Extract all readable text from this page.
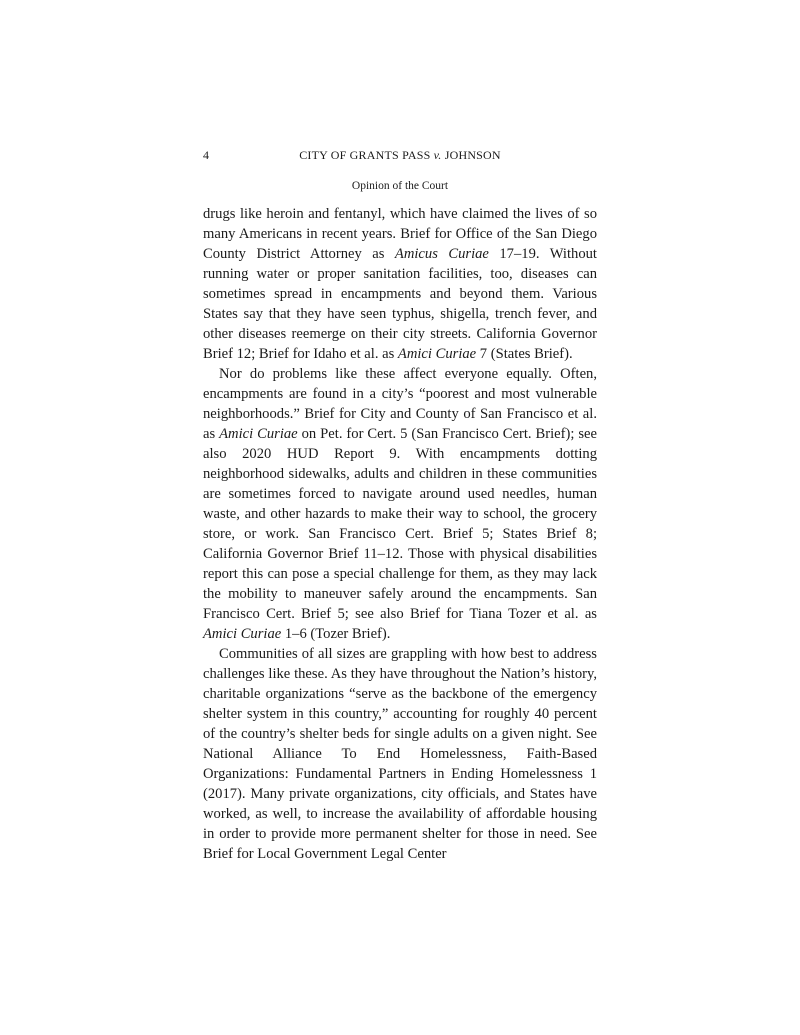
4	CITY OF GRANTS PASS v. JOHNSON
Opinion of the Court

drugs like heroin and fentanyl, which have claimed the lives of so many Americans in recent years. Brief for Office of the San Diego County District Attorney as Amicus Curiae 17–19. Without running water or proper sanitation facilities, too, diseases can sometimes spread in encampments and beyond them. Various States say that they have seen typhus, shigella, trench fever, and other diseases reemerge on their city streets. California Governor Brief 12; Brief for Idaho et al. as Amici Curiae 7 (States Brief).

Nor do problems like these affect everyone equally. Often, encampments are found in a city’s “poorest and most vulnerable neighborhoods.” Brief for City and County of San Francisco et al. as Amici Curiae on Pet. for Cert. 5 (San Francisco Cert. Brief); see also 2020 HUD Report 9. With encampments dotting neighborhood sidewalks, adults and children in these communities are sometimes forced to navigate around used needles, human waste, and other hazards to make their way to school, the grocery store, or work. San Francisco Cert. Brief 5; States Brief 8; California Governor Brief 11–12. Those with physical disabilities report this can pose a special challenge for them, as they may lack the mobility to maneuver safely around the encampments. San Francisco Cert. Brief 5; see also Brief for Tiana Tozer et al. as Amici Curiae 1–6 (Tozer Brief).

Communities of all sizes are grappling with how best to address challenges like these. As they have throughout the Nation’s history, charitable organizations “serve as the backbone of the emergency shelter system in this country,” accounting for roughly 40 percent of the country’s shelter beds for single adults on a given night. See National Alliance To End Homelessness, Faith-Based Organizations: Fundamental Partners in Ending Homelessness 1 (2017). Many private organizations, city officials, and States have worked, as well, to increase the availability of affordable housing in order to provide more permanent shelter for those in need. See Brief for Local Government Legal Center
